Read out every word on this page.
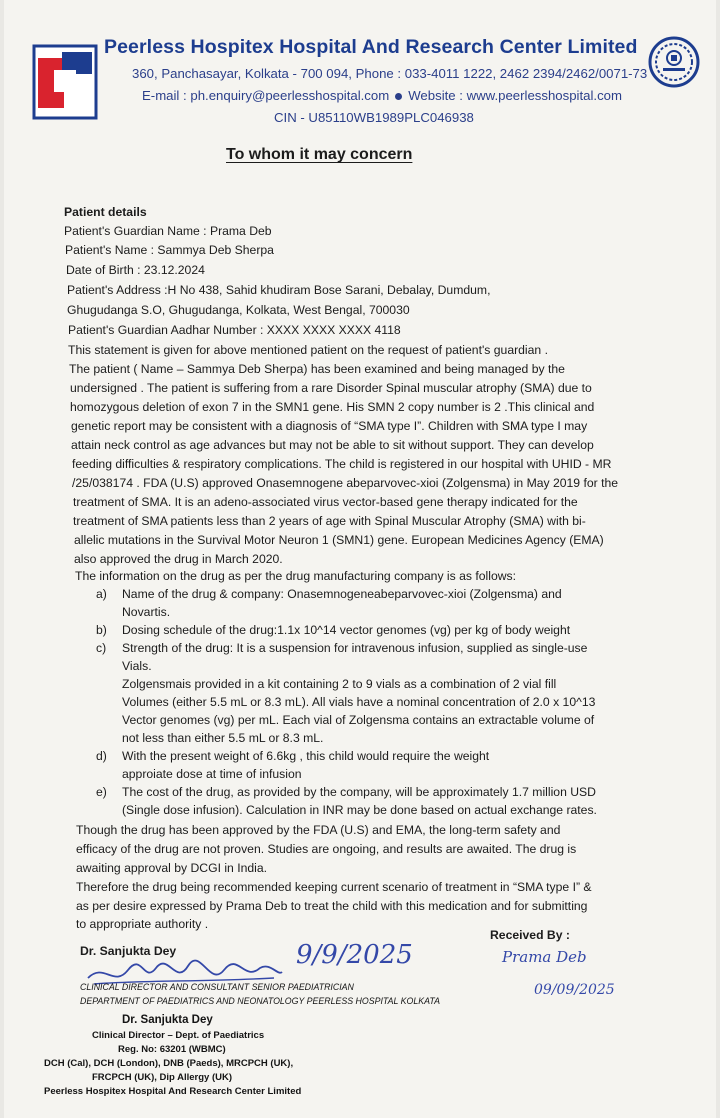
Peerless Hospitex Hospital And Research Center Limited
360, Panchasayar, Kolkata - 700 094, Phone : 033-4011 1222, 2462 2394/2462/0071-73
E-mail : ph.enquiry@peerlesshospital.com Website : www.peerlesshospital.com
CIN - U85110WB1989PLC046938
To whom it may concern
Patient details
Patient's Guardian Name : Prama Deb
Patient's Name : Sammya Deb Sherpa
Date of Birth : 23.12.2024
Patient's Address :H No 438, Sahid khudiram Bose Sarani, Debalay, Dumdum,
Ghugudanga S.O, Ghugudanga, Kolkata, West Bengal, 700030
Patient's Guardian Aadhar Number : XXXX XXXX XXXX 4118
This statement is given for above mentioned patient on the request of patient's guardian .
The patient ( Name – Sammya Deb Sherpa) has been examined and being managed by the
undersigned . The patient is suffering from a rare Disorder Spinal muscular atrophy (SMA) due to
homozygous deletion of exon 7 in the SMN1 gene. His SMN 2 copy number is 2 .This clinical and
genetic report may be consistent with a diagnosis of “SMA type I”. Children with SMA type I may
attain neck control as age advances but may not be able to sit without support. They can develop
feeding difficulties & respiratory complications. The child is registered in our hospital with UHID - MR
/25/038174 . FDA (U.S) approved Onasemnogene abeparvovec-xioi (Zolgensma) in May 2019 for the
treatment of SMA. It is an adeno-associated virus vector-based gene therapy indicated for the
treatment of SMA patients less than 2 years of age with Spinal Muscular Atrophy (SMA) with bi-
allelic mutations in the Survival Motor Neuron 1 (SMN1) gene. European Medicines Agency (EMA)
also approved the drug in March 2020.
The information on the drug as per the drug manufacturing company is as follows:
a) Name of the drug & company: Onasemnogeneabeparvovec-xioi (Zolgensma) and
Novartis.
b) Dosing schedule of the drug:1.1x 10^14 vector genomes (vg) per kg of body weight
c) Strength of the drug: It is a suspension for intravenous infusion, supplied as single-use
Vials.
Zolgensmais provided in a kit containing 2 to 9 vials as a combination of 2 vial fill
Volumes (either 5.5 mL or 8.3 mL). All vials have a nominal concentration of 2.0 x 10^13
Vector genomes (vg) per mL. Each vial of Zolgensma contains an extractable volume of
not less than either 5.5 mL or 8.3 mL.
d) With the present weight of 6.6kg , this child would require the weight
approiate dose at time of infusion
e) The cost of the drug, as provided by the company, will be approximately 1.7 million USD
(Single dose infusion). Calculation in INR may be done based on actual exchange rates.
Though the drug has been approved by the FDA (U.S) and EMA, the long-term safety and
efficacy of the drug are not proven. Studies are ongoing, and results are awaited. The drug is
awaiting approval by DCGI in India.
Therefore the drug being recommended keeping current scenario of treatment in “SMA type I” &
as per desire expressed by Prama Deb to treat the child with this medication and for submitting
to appropriate authority .
Dr. Sanjukta Dey	9/9/2025
CLINICAL DIRECTOR AND CONSULTANT SENIOR PAEDIATRICIAN
DEPARTMENT OF PAEDIATRICS AND NEONATOLOGY PEERLESS HOSPITAL KOLKATA
Received By :
Prama Deb
09/09/2025
Dr. Sanjukta Dey
Clinical Director – Dept. of Paediatrics
Reg. No: 63201 (WBMC)
DCH (Cal), DCH (London), DNB (Paeds), MRCPCH (UK),
FRCPCH (UK), Dip Allergy (UK)
Peerless Hospitex Hospital And Research Center Limited
